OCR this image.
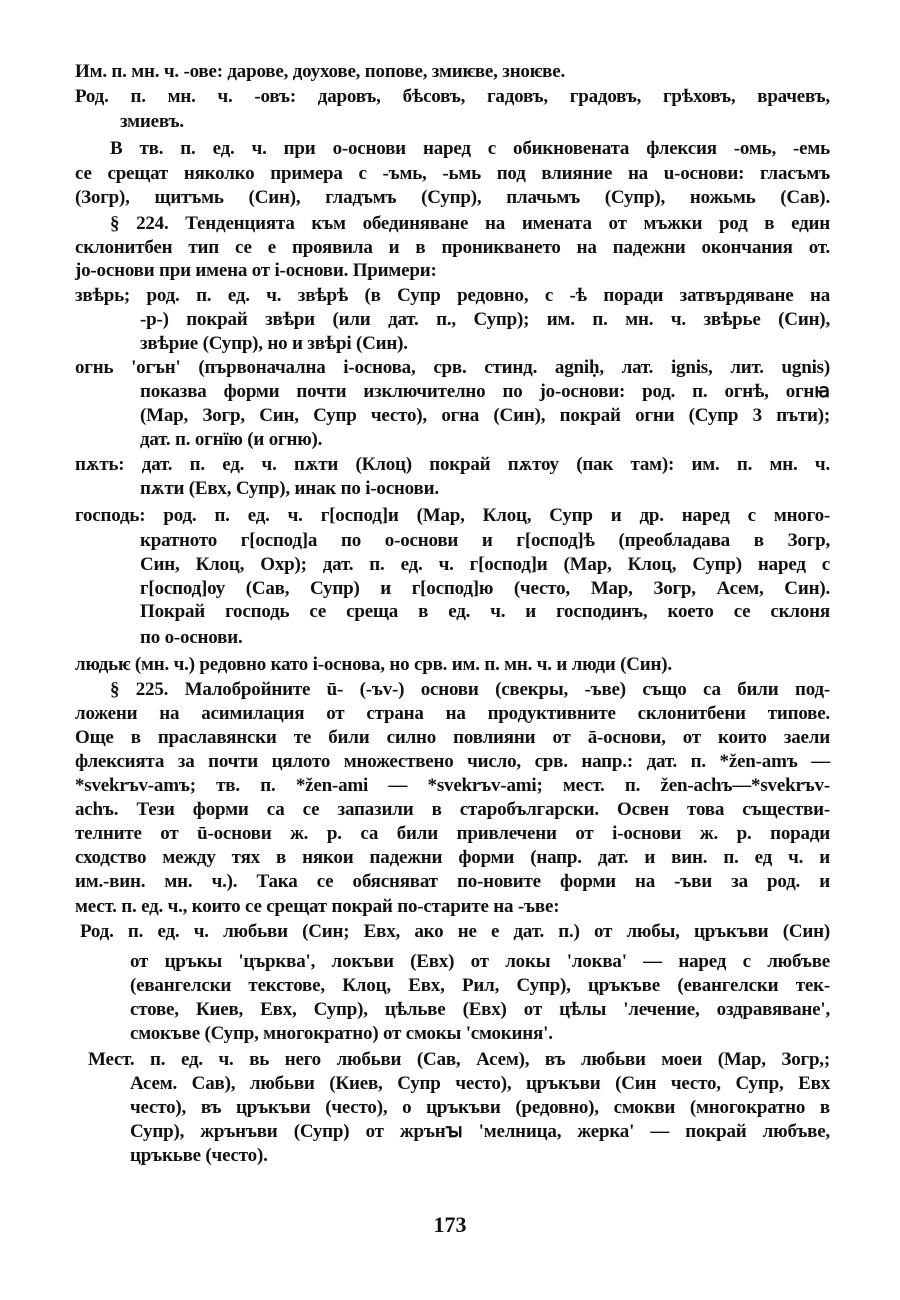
173
Им. п. мн. ч. -ове: дарове, доухове, попове, змиѥве, зноѥве.
Род. п. мн. ч. -овъ: даровъ, бѣсовъ, гадовъ, градовъ, грѣховъ, врачевъ,
змиевъ.
В тв. п. ед. ч. при о-основи наред с обикновената флексия -омь, -емь
се срещат няколко примера с -ъмь, -ьмь под влияние на u-основи: гласъмъ
(Зогр), щитъмь (Син), гладъмъ (Супр), плачьмъ (Супр), ножьмь (Сав).
§ 224. Тенденцията към обединяване на имената от мъжки род в един
склонитбен тип се е проявила и в проникването на падежни окончания от.
jo-основи при имена от i-основи. Примери:
звѣрь; род. п. ед. ч. звѣрѣ (в Супр редовно, с -ѣ поради затвърдяване на
-р-) покрай звѣри (или дат. п., Супр); им. п. мн. ч. звѣрье (Син),
звѣрие (Супр), но и звѣрі (Син).
огнь 'огън' (първоначална i-основа, срв. стинд. agniḥ, лат. ignis, лит. ugnis)
показва форми почти изключително по jo-основи: род. п. огнѣ, огнꙗ
(Мар, Зогр, Син, Супр често), огна (Син), покрай огни (Супр 3 пъти);
дат. п. огнїю (и огню).
пѫть: дат. п. ед. ч. пѫти (Клоц) покрай пѫтоу (пак там): им. п. мн. ч.
пѫти (Евх, Супр), инак по i-основи.
господь: род. п. ед. ч. г[оспод]и (Мар, Клоц, Супр и др. наред с много-
кратното г[оспод]а по о-основи и г[оспод]ѣ (преобладава в Зогр,
Син, Клоц, Охр); дат. п. ед. ч. г[оспод]и (Мар, Клоц, Супр) наред с
г[оспод]оу (Сав, Супр) и г[оспод]ю (често, Мар, Зогр, Асем, Син).
Покрай господь се среща в ед. ч. и господинъ, което се склоня
по о-основи.
людьѥ (мн. ч.) редовно като i-основа, но срв. им. п. мн. ч. и люди (Син).
§ 225. Малобройните ū- (-ъv-) основи (свекры, -ъве) също са били под-
ложени на асимилация от страна на продуктивните склонитбени типове.
Още в праславянски те били силно повлияни от ā-основи, от които заели
флексията за почти цялото множествено число, срв. напр.: дат. п. *žen-amъ —
*svekrъv-amъ; тв. п. *žen-ami — *svekrъv-ami; мест. п. žen-achъ—*svekrъv-
achъ. Тези форми са се запазили в старобългарски. Освен това съществи-
телните от ū-основи ж. р. са били привлечени от i-основи ж. р. поради
сходство между тях в някои падежни форми (напр. дат. и вин. п. ед ч. и
им.-вин. мн. ч.). Така се обясняват по-новите форми на -ъви за род. и
мест. п. ед. ч., които се срещат покрай по-старите на -ъве:
Род. п. ед. ч. любьви (Син; Евх, ако не е дат. п.) от любы, цръкъви (Син)
от цръкы 'църква', локъви (Евх) от локы 'локва' — наред с любъве
(евангелски текстове, Клоц, Евх, Рил, Супр), цръкъве (евангелски тек-
стове, Киев, Евх, Супр), цѣльве (Евх) от цѣлы 'лечение, оздравяване',
смокъве (Супр, многократно) от смокы 'смокиня'.
Мест. п. ед. ч. вь него любьви (Сав, Асем), въ любьви моеи (Мар, Зогр,;
Асем. Сав), любьви (Киев, Супр често), цръкъви (Син често, Супр, Евх
често), въ цръкъви (често), о цръкъви (редовно), смокви (многократно в
Супр), жрънъви (Супр) от жрънꙑ 'мелница, жерка' — покрай любъве,
цръкьве (често).
